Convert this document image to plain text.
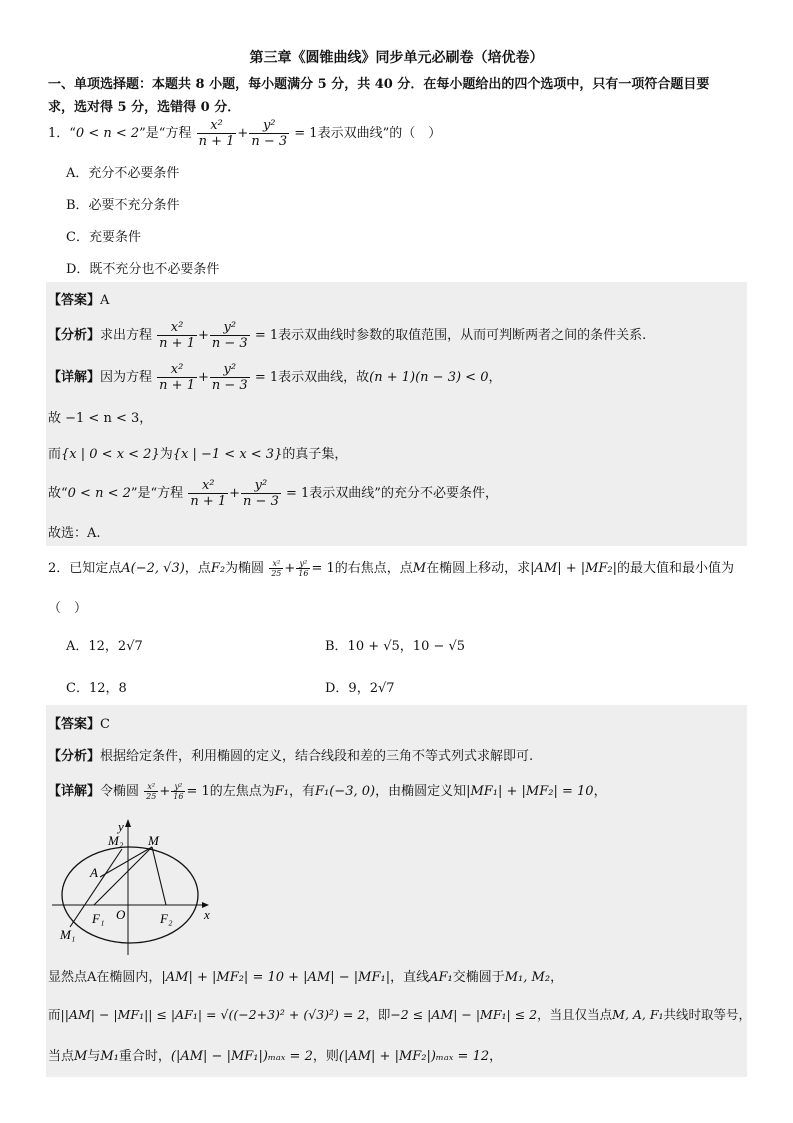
第三章《圆锥曲线》同步单元必刷卷（培优卷）
一、单项选择题：本题共 8 小题，每小题满分 5 分，共 40 分．在每小题给出的四个选项中，只有一项符合题目要
求，选对得 5 分，选错得 0 分．
1．“0 < n < 2”是“方程 $\frac{\text{x²}}{n + 1} + \frac{\text{y²}}{n - 3} = 1$表示双曲线”的（　）
A．充分不必要条件
B．必要不充分条件
C．充要条件
D．既不充分也不必要条件
【答案】A
【分析】求出方程 $\frac{\text{x²}}{n + 1} + \frac{\text{y²}}{n - 3} = 1$表示双曲线时参数的取值范围，从而可判断两者之间的条件关系.
【详解】因为方程 $\frac{\text{x²}}{n + 1} + \frac{\text{y²}}{n - 3} = 1$表示双曲线，故(n + 1)(n − 3) < 0，
故 −1 < n < 3，
而{x | 0 < x < 2}为{x | −1 < x < 3}的真子集，
故“0 < n < 2”是“方程 $\frac{\text{x²}}{n + 1} + \frac{\text{y²}}{n - 3} = 1$表示双曲线”的充分不必要条件，
故选：A.
2．已知定点A(−2, √3)，点F₂为椭圆 $\frac{\text{x²}}{25} + \frac{\text{y²}}{16} = 1$的右焦点，点M在椭圆上移动，求|AM| + |MF₂|的最大值和最小值为
（　）
A．12，2√7	B．10 + √5，10 − √5
C．12，8	D．9，2√7
【答案】C
【分析】根据给定条件，利用椭圆的定义，结合线段和差的三角不等式列式求解即可.
【详解】令椭圆 $\frac{\text{x²}}{25} + \frac{\text{y²}}{16} = 1$的左焦点为F₁，有F₁(−3, 0)，由椭圆定义知|MF₁| + |MF₂| = 10，
y
x
O
M
M₂
M₁
A
F₁	F₂
显然点A在椭圆内，|AM| + |MF₂| = 10 + |AM| − |MF₁|，直线AF₁交椭圆于M₁, M₂，
而||AM| − |MF₁|| ≤ |AF₁| = √((−2+3)² + (√3)²) = 2，即−2 ≤ |AM| − |MF₁| ≤ 2，当且仅当点M, A, F₁共线时取等号，
当点M与M₁重合时，(|AM| − |MF₁|)ₘₐₓ = 2，则(|AM| + |MF₂|)ₘₐₓ = 12，
